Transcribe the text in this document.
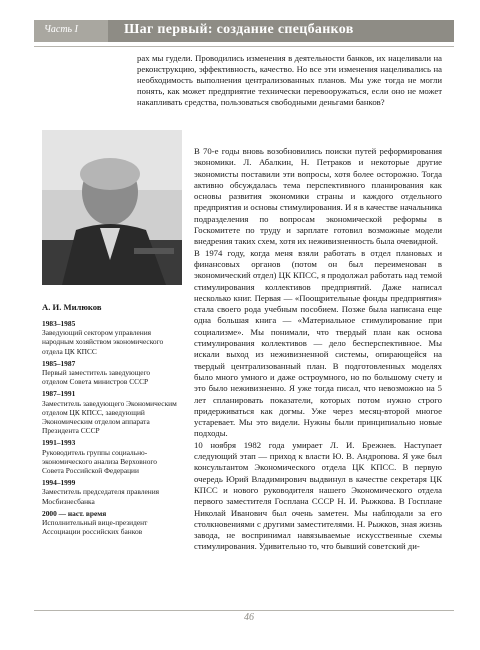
Часть I	Шаг первый: создание спецбанков

рах мы гудели. Проводились изменения в деятельности банков, их нацеливали на реконструкцию, эффективность, качество. Но все эти изменения нацеливались на необходимость выполнения централизованных планов. Мы уже тогда не могли понять, как может предприятие технически перевооружаться, если оно не может накапливать средства, пользоваться свободными деньгами банков?

А. И. Милюков
1983–1985
Заведующий сектором управления народным хозяйством экономического отдела ЦК КПСС
1985–1987
Первый заместитель заведующего отделом Совета министров СССР
1987–1991
Заместитель заведующего Экономическим отделом ЦК КПСС, заведующий Экономическим отделом аппарата Президента СССР
1991–1993
Руководитель группы социально-экономического анализа Верховного Совета Российской Федерации
1994–1999
Заместитель председателя правления Мосбизнесбанка
2000 — наст. время
Исполнительный вице-президент Ассоциации российских банков

В 70-е годы вновь возобновились поиски путей реформирования экономики. Л. Абалкин, Н. Петраков и некоторые другие экономисты поставили эти вопросы, хотя более осторожно. Тогда активно обсуждалась тема перспективного планирования как основы развития экономики страны и каждого отдельного предприятия и основы стимулирования. И я в качестве начальника подразделения по вопросам экономической реформы в Госкомитете по труду и зарплате готовил возможные модели внедрения таких схем, хотя их неживизненность была очевидной.

В 1974 году, когда меня взяли работать в отдел плановых и финансовых органов (потом он был переименован в экономический отдел) ЦК КПСС, я продолжал работать над темой стимулирования коллективов предприятий. Даже написал несколько книг. Первая — «Поощрительные фонды предприятия» стала своего рода учебным пособием. Позже была написана еще одна большая книга — «Материальное стимулирование при социализме». Мы понимали, что твердый план как основа стимулирования коллективов — дело бесперспективное. Мы искали выход из неживизненной системы, опирающейся на твердый централизованный план. В подготовленных моделях было много умного и даже остроумного, но по большому счету и это было неживизненно. Я уже тогда писал, что невозможно на 5 лет спланировать показатели, которых потом нужно строго придерживаться как догмы. Уже через месяц-второй многое устаревает. Мы это видели. Нужны были принципиально новые подходы.

10 ноября 1982 года умирает Л. И. Брежнев. Наступает следующий этап — приход к власти Ю. В. Андропова. Я уже был консультантом Экономического отдела ЦК КПСС. В первую очередь Юрий Владимирович выдвинул в качестве секретаря ЦК КПСС и нового руководителя нашего Экономического отдела первого заместителя Госплана СССР Н. И. Рыжкова. В Госплане Николай Иванович был очень заметен. Мы наблюдали за его столкновениями с другими заместителями. Н. Рыжков, зная жизнь завода, не воспринимал навязываемые искусственные схемы стимулирования. Удивительно то, что бывший советский ди-

46
